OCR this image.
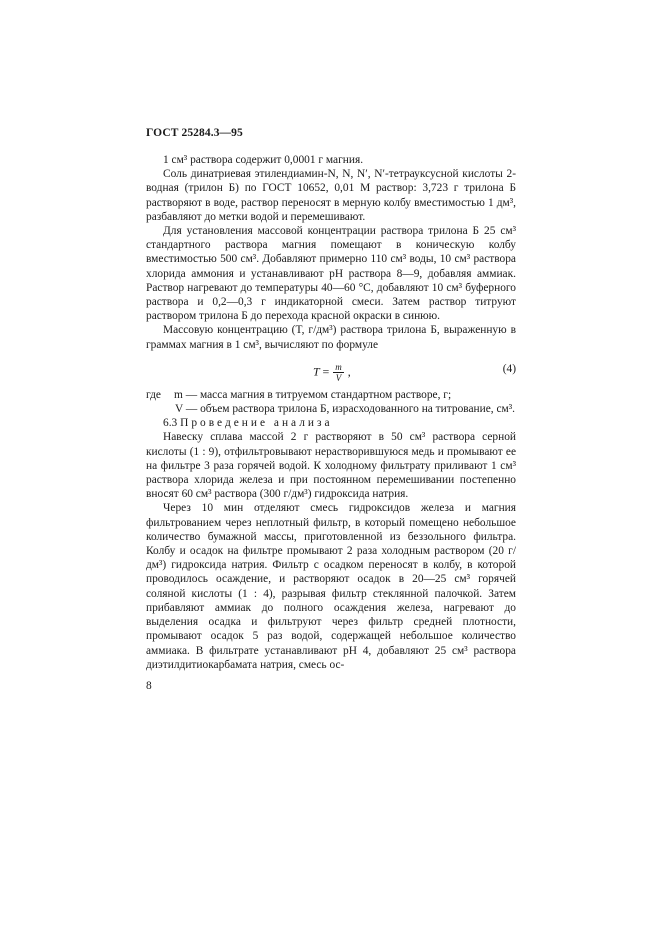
ГОСТ 25284.3—95

1 см³ раствора содержит 0,0001 г магния.

Соль динатриевая этилендиамин-N, N, N′, N′-тетрауксусной кислоты 2-водная (трилон Б) по ГОСТ 10652, 0,01 М раствор: 3,723 г трилона Б растворяют в воде, раствор переносят в мерную колбу вместимостью 1 дм³, разбавляют до метки водой и перемешивают.

Для установления массовой концентрации раствора трилона Б 25 см³ стандартного раствора магния помещают в коническую колбу вместимостью 500 см³. Добавляют примерно 110 см³ воды, 10 см³ раствора хлорида аммония и устанавливают pH раствора 8—9, добавляя аммиак. Раствор нагревают до температуры 40—60 °С, добавляют 10 см³ буферного раствора и 0,2—0,3 г индикаторной смеси. Затем раствор титруют раствором трилона Б до перехода красной окраски в синюю.

Массовую концентрацию (T, г/дм³) раствора трилона Б, выраженную в граммах магния в 1 см³, вычисляют по формуле

$T = \frac{m}{V}$ ,	(4)
где	m — масса магния в титруемом стандартном растворе, г;
V — объем раствора трилона Б, израсходованного на титрование, см³.

6.3 Проведение анализа

Навеску сплава массой 2 г растворяют в 50 см³ раствора серной кислоты (1 : 9), отфильтровывают нерастворившуюся медь и промывают ее на фильтре 3 раза горячей водой. К холодному фильтрату приливают 1 см³ раствора хлорида железа и при постоянном перемешивании постепенно вносят 60 см³ раствора (300 г/дм³) гидроксида натрия.

Через 10 мин отделяют смесь гидроксидов железа и магния фильтрованием через неплотный фильтр, в который помещено небольшое количество бумажной массы, приготовленной из беззольного фильтра. Колбу и осадок на фильтре промывают 2 раза холодным раствором (20 г/дм³) гидроксида натрия. Фильтр с осадком переносят в колбу, в которой проводилось осаждение, и растворяют осадок в 20—25 см³ горячей соляной кислоты (1 : 4), разрывая фильтр стеклянной палочкой. Затем прибавляют аммиак до полного осаждения железа, нагревают до выделения осадка и фильтруют через фильтр средней плотности, промывают осадок 5 раз водой, содержащей небольшое количество аммиака. В фильтрате устанавливают pH 4, добавляют 25 см³ раствора диэтилдитиокарбамата натрия, смесь ос-

8
